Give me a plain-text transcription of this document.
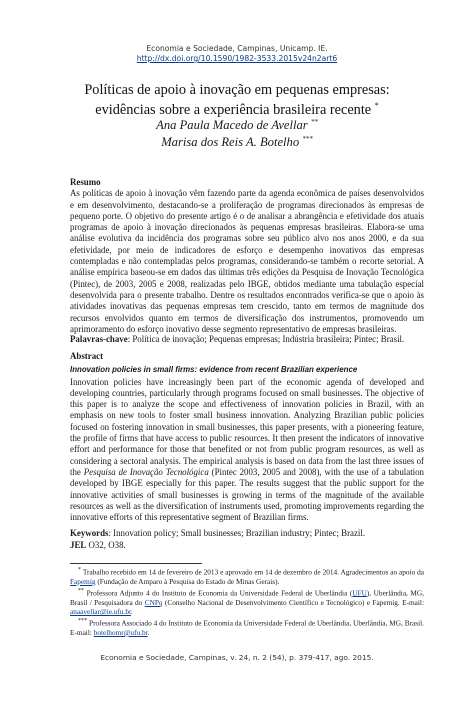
Economia e Sociedade, Campinas, Unicamp. IE.
http://dx.doi.org/10.1590/1982-3533.2015v24n2art6
Políticas de apoio à inovação em pequenas empresas:
evidências sobre a experiência brasileira recente *
Ana Paula Macedo de Avellar **
Marisa dos Reis A. Botelho ***
Resumo
As políticas de apoio à inovação vêm fazendo parte da agenda econômica de países desenvolvidos e em desenvolvimento, destacando-se a proliferação de programas direcionados às empresas de pequeno porte. O objetivo do presente artigo é o de analisar a abrangência e efetividade dos atuais programas de apoio à inovação direcionados às pequenas empresas brasileiras. Elabora-se uma análise evolutiva da incidência dos programas sobre seu público alvo nos anos 2000, e da sua efetividade, por meio de indicadores de esforço e desempenho inovativos das empresas contempladas e não contempladas pelos programas, considerando-se também o recorte setorial. A análise empírica baseou-se em dados das últimas três edições da Pesquisa de Inovação Tecnológica (Pintec), de 2003, 2005 e 2008, realizadas pelo IBGE, obtidos mediante uma tabulação especial desenvolvida para o presente trabalho. Dentre os resultados encontrados verifica-se que o apoio às atividades inovativas das pequenas empresas tem crescido, tanto em termos de magnitude dos recursos envolvidos quanto em termos de diversificação dos instrumentos, promovendo um aprimoramento do esforço inovativo desse segmento representativo de empresas brasileiras.
Palavras-chave: Política de inovação; Pequenas empresas; Indústria brasileira; Pintec; Brasil.
Abstract
Innovation policies in small firms: evidence from recent Brazilian experience
Innovation policies have increasingly been part of the economic agenda of developed and developing countries, particularly through programs focused on small businesses. The objective of this paper is to analyze the scope and effectiveness of innovation policies in Brazil, with an emphasis on new tools to foster small business innovation. Analyzing Brazilian public policies focused on fostering innovation in small businesses, this paper presents, with a pioneering feature, the profile of firms that have access to public resources. It then present the indicators of innovative effort and performance for those that benefited or not from public program resources, as well as considering a sectoral analysis. The empirical analysis is based on data from the last three issues of the Pesquisa de Inovação Tecnológica (Pintec 2003, 2005 and 2008), with the use of a tabulation developed by IBGE especially for this paper. The results suggest that the public support for the innovative activities of small businesses is growing in terms of the magnitude of the available resources as well as the diversification of instruments used, promoting improvements regarding the innovative efforts of this representative segment of Brazilian firms.
Keywords: Innovation policy; Small businesses; Brazilian industry; Pintec; Brazil.
JEL O32, O38.
* Trabalho recebido em 14 de fevereiro de 2013 e aprovado em 14 de dezembro de 2014. Agradecimentos ao apoio da Fapemig (Fundação de Amparo à Pesquisa do Estado de Minas Gerais).
** Professora Adjunto 4 do Instituto de Economia da Universidade Federal de Uberlândia (UFU), Uberlândia, MG, Brasil / Pesquisadora do CNPq (Conselho Nacional de Desenvolvimento Científico e Tecnológico) e Fapemig. E-mail: anaavellar@ie.ufu.br.
*** Professora Associado 4 do Instituto de Economia da Universidade Federal de Uberlândia, Uberlândia, MG, Brasil. E-mail: botelhomr@ufu.br.
Economia e Sociedade, Campinas, v. 24, n. 2 (54), p. 379-417, ago. 2015.
